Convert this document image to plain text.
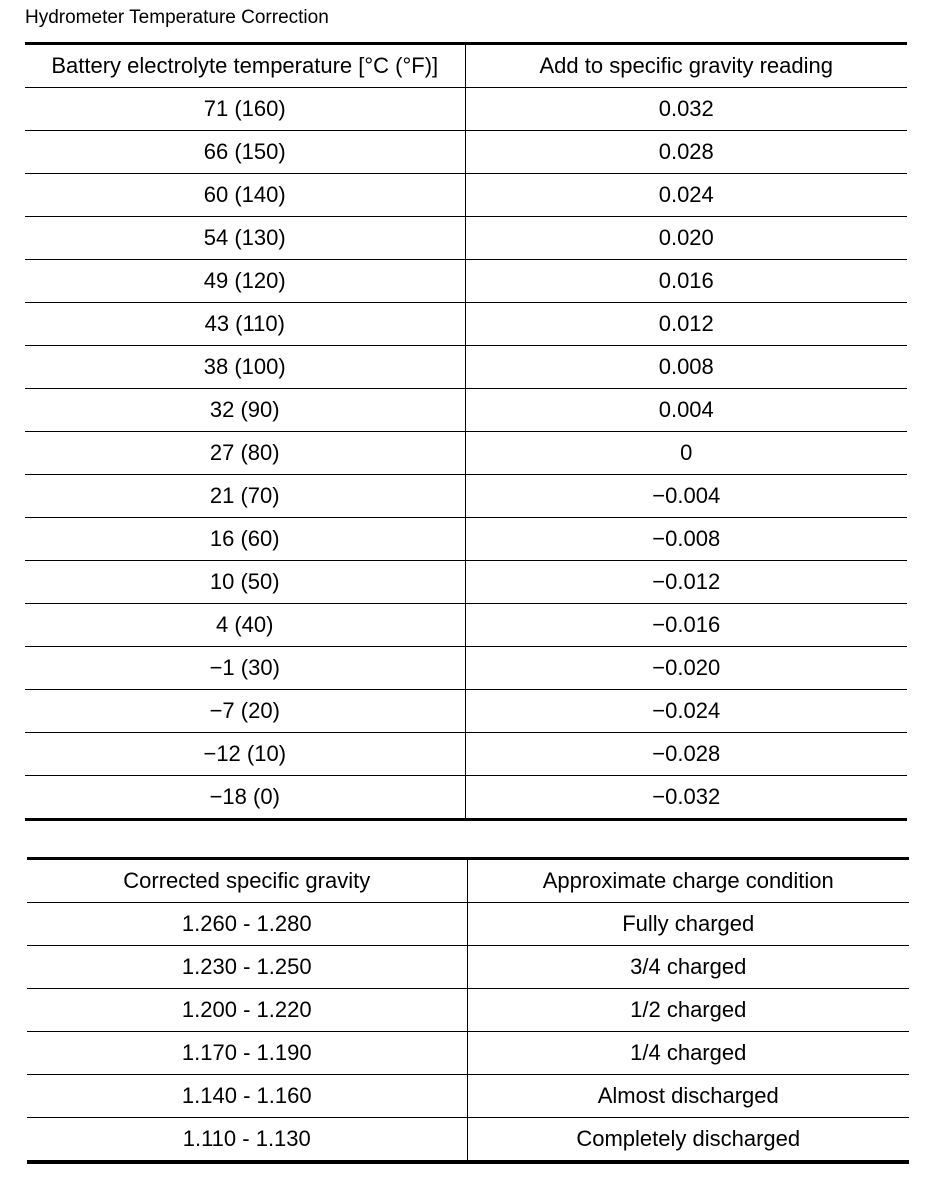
Hydrometer Temperature Correction
Battery electrolyte temperature [°C (°F)]	Add to specific gravity reading
71 (160)	0.032
66 (150)	0.028
60 (140)	0.024
54 (130)	0.020
49 (120)	0.016
43 (110)	0.012
38 (100)	0.008
32 (90)	0.004
27 (80)	0
21 (70)	−0.004
16 (60)	−0.008
10 (50)	−0.012
4 (40)	−0.016
−1 (30)	−0.020
−7 (20)	−0.024
−12 (10)	−0.028
−18 (0)	−0.032
Corrected specific gravity	Approximate charge condition
1.260 - 1.280	Fully charged
1.230 - 1.250	3/4 charged
1.200 - 1.220	1/2 charged
1.170 - 1.190	1/4 charged
1.140 - 1.160	Almost discharged
1.110 - 1.130	Completely discharged
